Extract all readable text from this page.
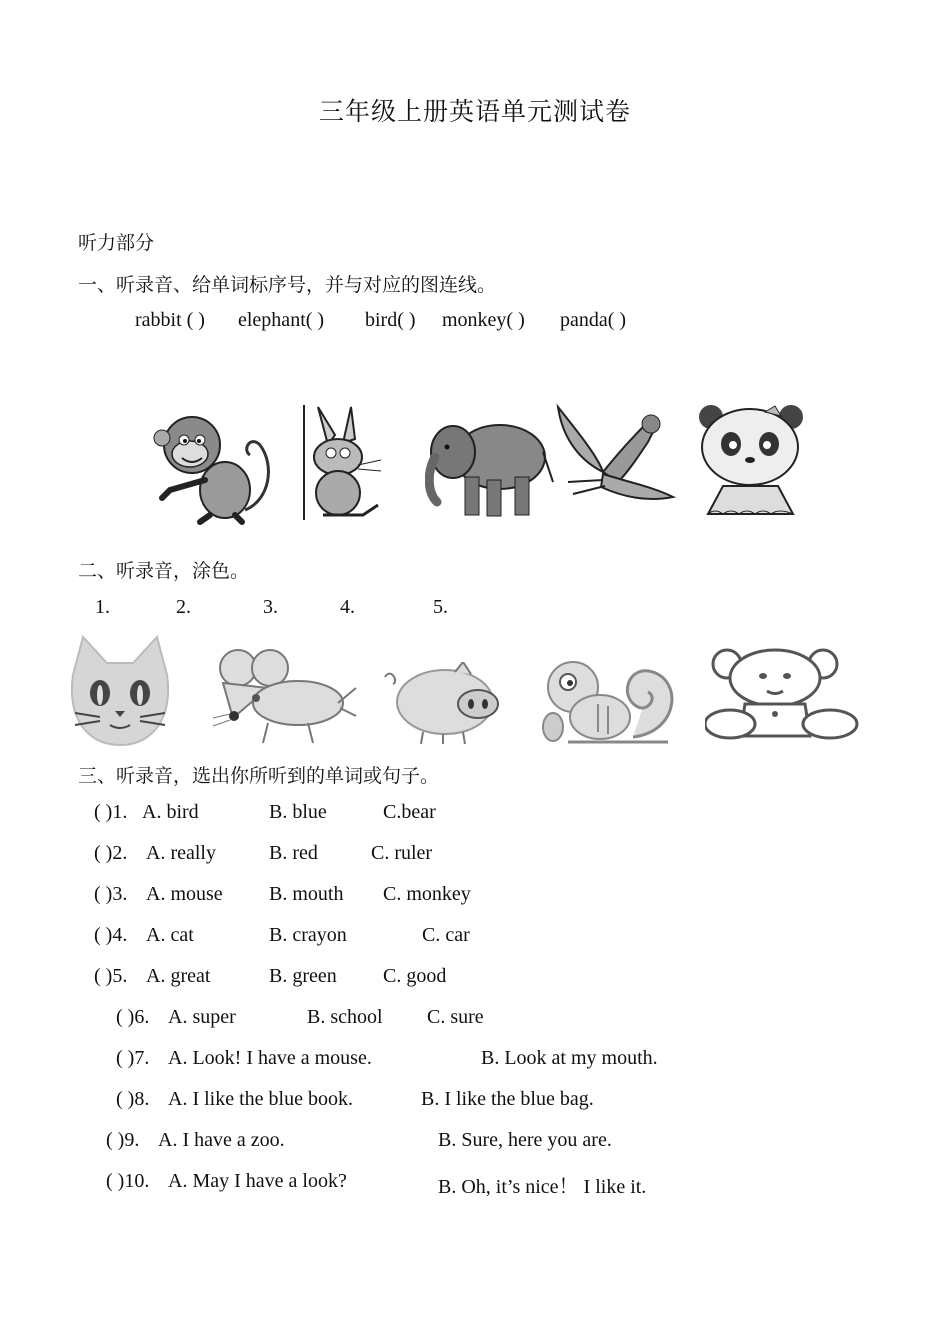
三年级上册英语单元测试卷
听力部分
一、听录音、给单词标序号，并与对应的图连线。
rabbit ( ) elephant( ) bird( ) monkey( ) panda( )
二、听录音，涂色。
1.	2.	3.	4.	5.
三、听录音，选出你所听到的单词或句子。
( )1. A. bird	B. blue	C.bear
( )2. A. really	B. red	C. ruler
( )3. A. mouse B. mouth C. monkey
( )4. A. cat	B. crayon	C. car
( )5. A. great	B. green C. good
( )6. A. super	B. school C. sure
( )7. A. Look! I have a mouse.	B. Look at my mouth.
( )8. A. I like the blue book.	B. I like the blue bag.
( )9. A. I have a zoo.	B. Sure, here you are.
( )10. A. May I have a look?	B. Oh, it’s nice！ I like it.
